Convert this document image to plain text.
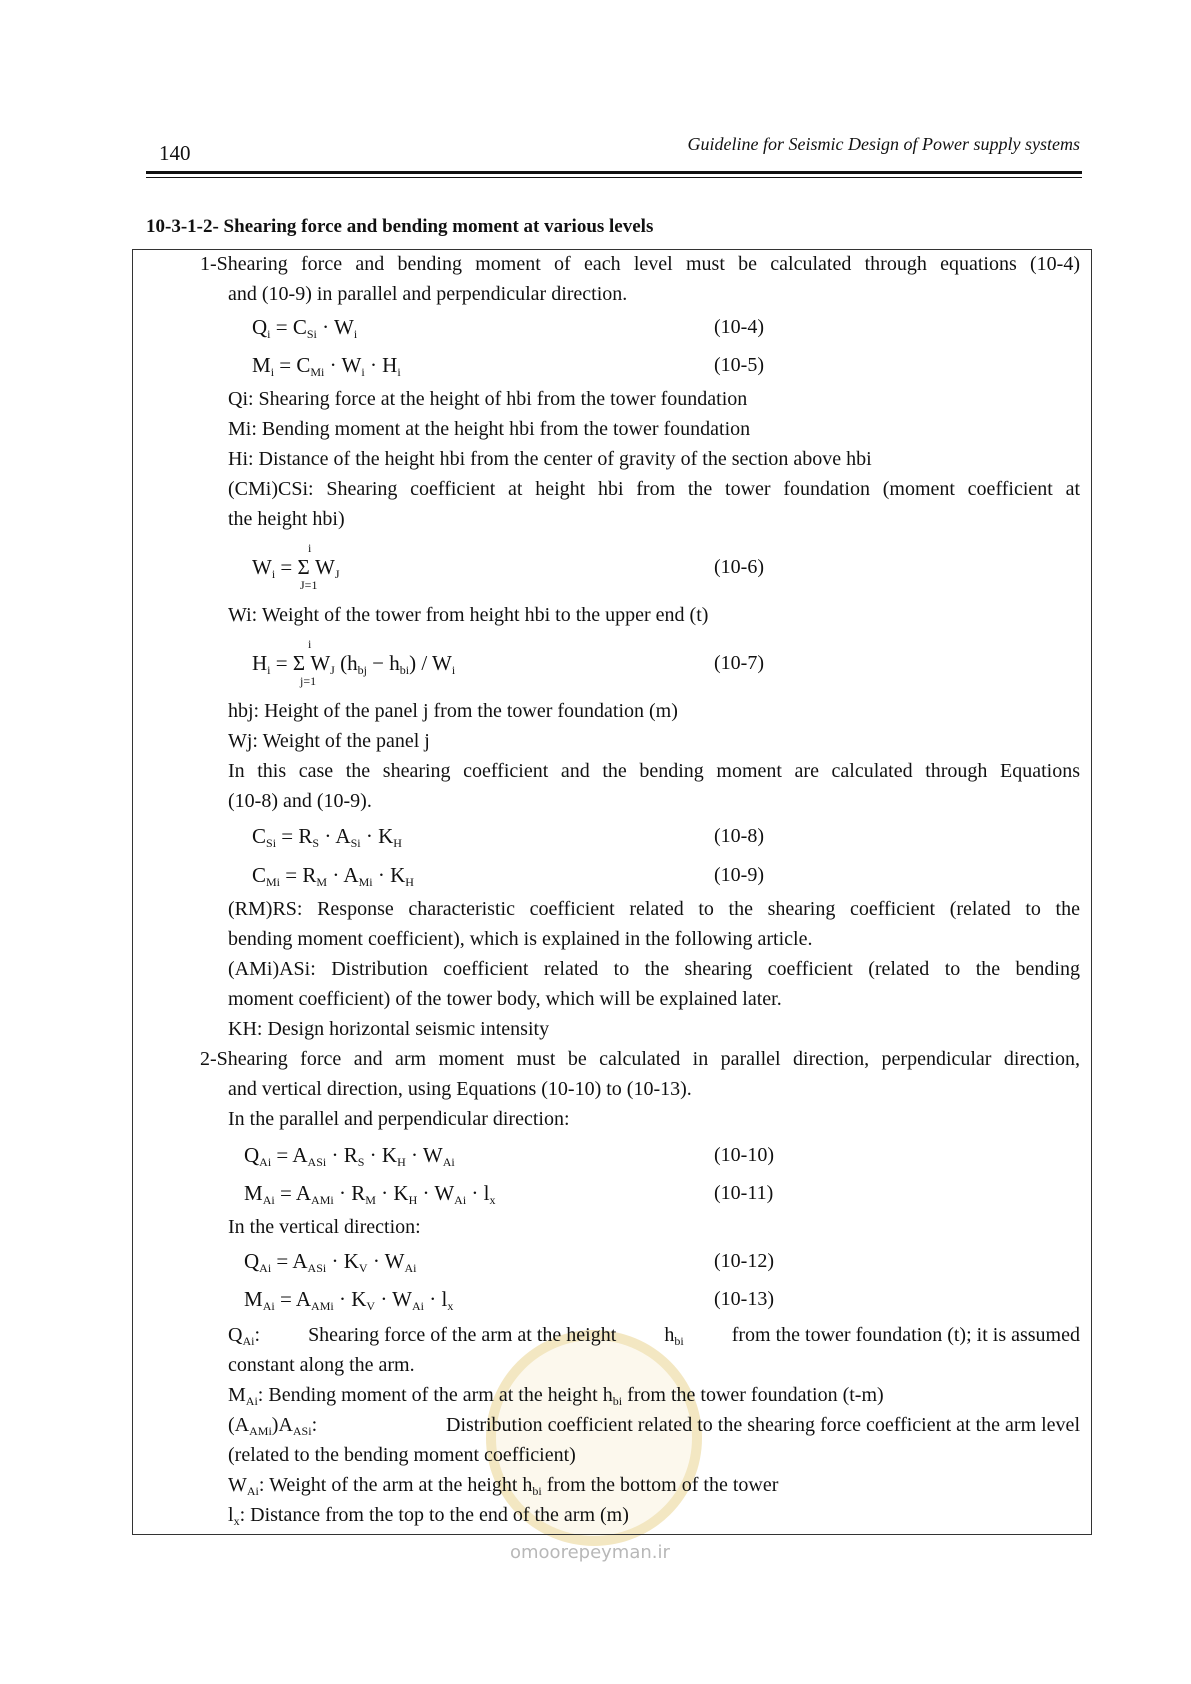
140	Guideline for Seismic Design of Power supply systems
10-3-1-2- Shearing force and bending moment at various levels
1-Shearing force and bending moment of each level must be calculated through equations (10-4)
and (10-9) in parallel and perpendicular direction.
$Q_i = C_{Si} \cdot W_i$	(10-4)
$M_i = C_{Mi} \cdot W_i \cdot H_i$	(10-5)
Qi: Shearing force at the height of hbi from the tower foundation
Mi: Bending moment at the height hbi from the tower foundation
Hi: Distance of the height hbi from the center of gravity of the section above hbi
(CMi)CSi: Shearing coefficient at height hbi from the tower foundation (moment coefficient at
the height hbi)
i
$W_i = \Sigma$ $W_J$
J=1
(10-6)
Wi: Weight of the tower from height hbi to the upper end (t)
i
$H_i = \Sigma$ $W_J$ $(h_{bj} - h_{bi}) / W_i$
j=1
(10-7)
hbj: Height of the panel j from the tower foundation (m)
Wj: Weight of the panel j
In this case the shearing coefficient and the bending moment are calculated through Equations
(10-8) and (10-9).
$C_{Si} = R_S \cdot A_{Si} \cdot K_H$	(10-8)
$C_{Mi} = R_M \cdot A_{Mi} \cdot K_H$	(10-9)
(RM)RS: Response characteristic coefficient related to the shearing coefficient (related to the
bending moment coefficient), which is explained in the following article.
(AMi)ASi: Distribution coefficient related to the shearing coefficient (related to the bending
moment coefficient) of the tower body, which will be explained later.
KH: Design horizontal seismic intensity
2-Shearing force and arm moment must be calculated in parallel direction, perpendicular direction,
and vertical direction, using Equations (10-10) to (10-13).
In the parallel and perpendicular direction:
$Q_{Ai} = A_{ASi} \cdot R_S \cdot K_H \cdot W_{Ai}$	(10-10)
$M_{Ai} = A_{AMi} \cdot R_M \cdot K_H \cdot W_{Ai} \cdot l_x$	(10-11)
In the vertical direction:
$Q_{Ai} = A_{ASi} \cdot K_V \cdot W_{Ai}$	(10-12)
$M_{Ai} = A_{AMi} \cdot K_V \cdot W_{Ai} \cdot l_x$	(10-13)
$Q_{Ai}$: Shearing force of the arm at the height $h_{bi}$ from the tower foundation (t); it is assumed
constant along the arm.
$M_{Ai}$: Bending moment of the arm at the height $h_{bi}$ from the tower foundation (t-m)
$(A_{AMi})A_{ASi}$:	Distribution coefficient related to the shearing force coefficient at the arm level
(related to the bending moment coefficient)
$W_{Ai}$: Weight of the arm at the height $h_{bi}$ from the bottom of the tower
$l_x$: Distance from the top to the end of the arm (m)
omoorepeyman.ir
